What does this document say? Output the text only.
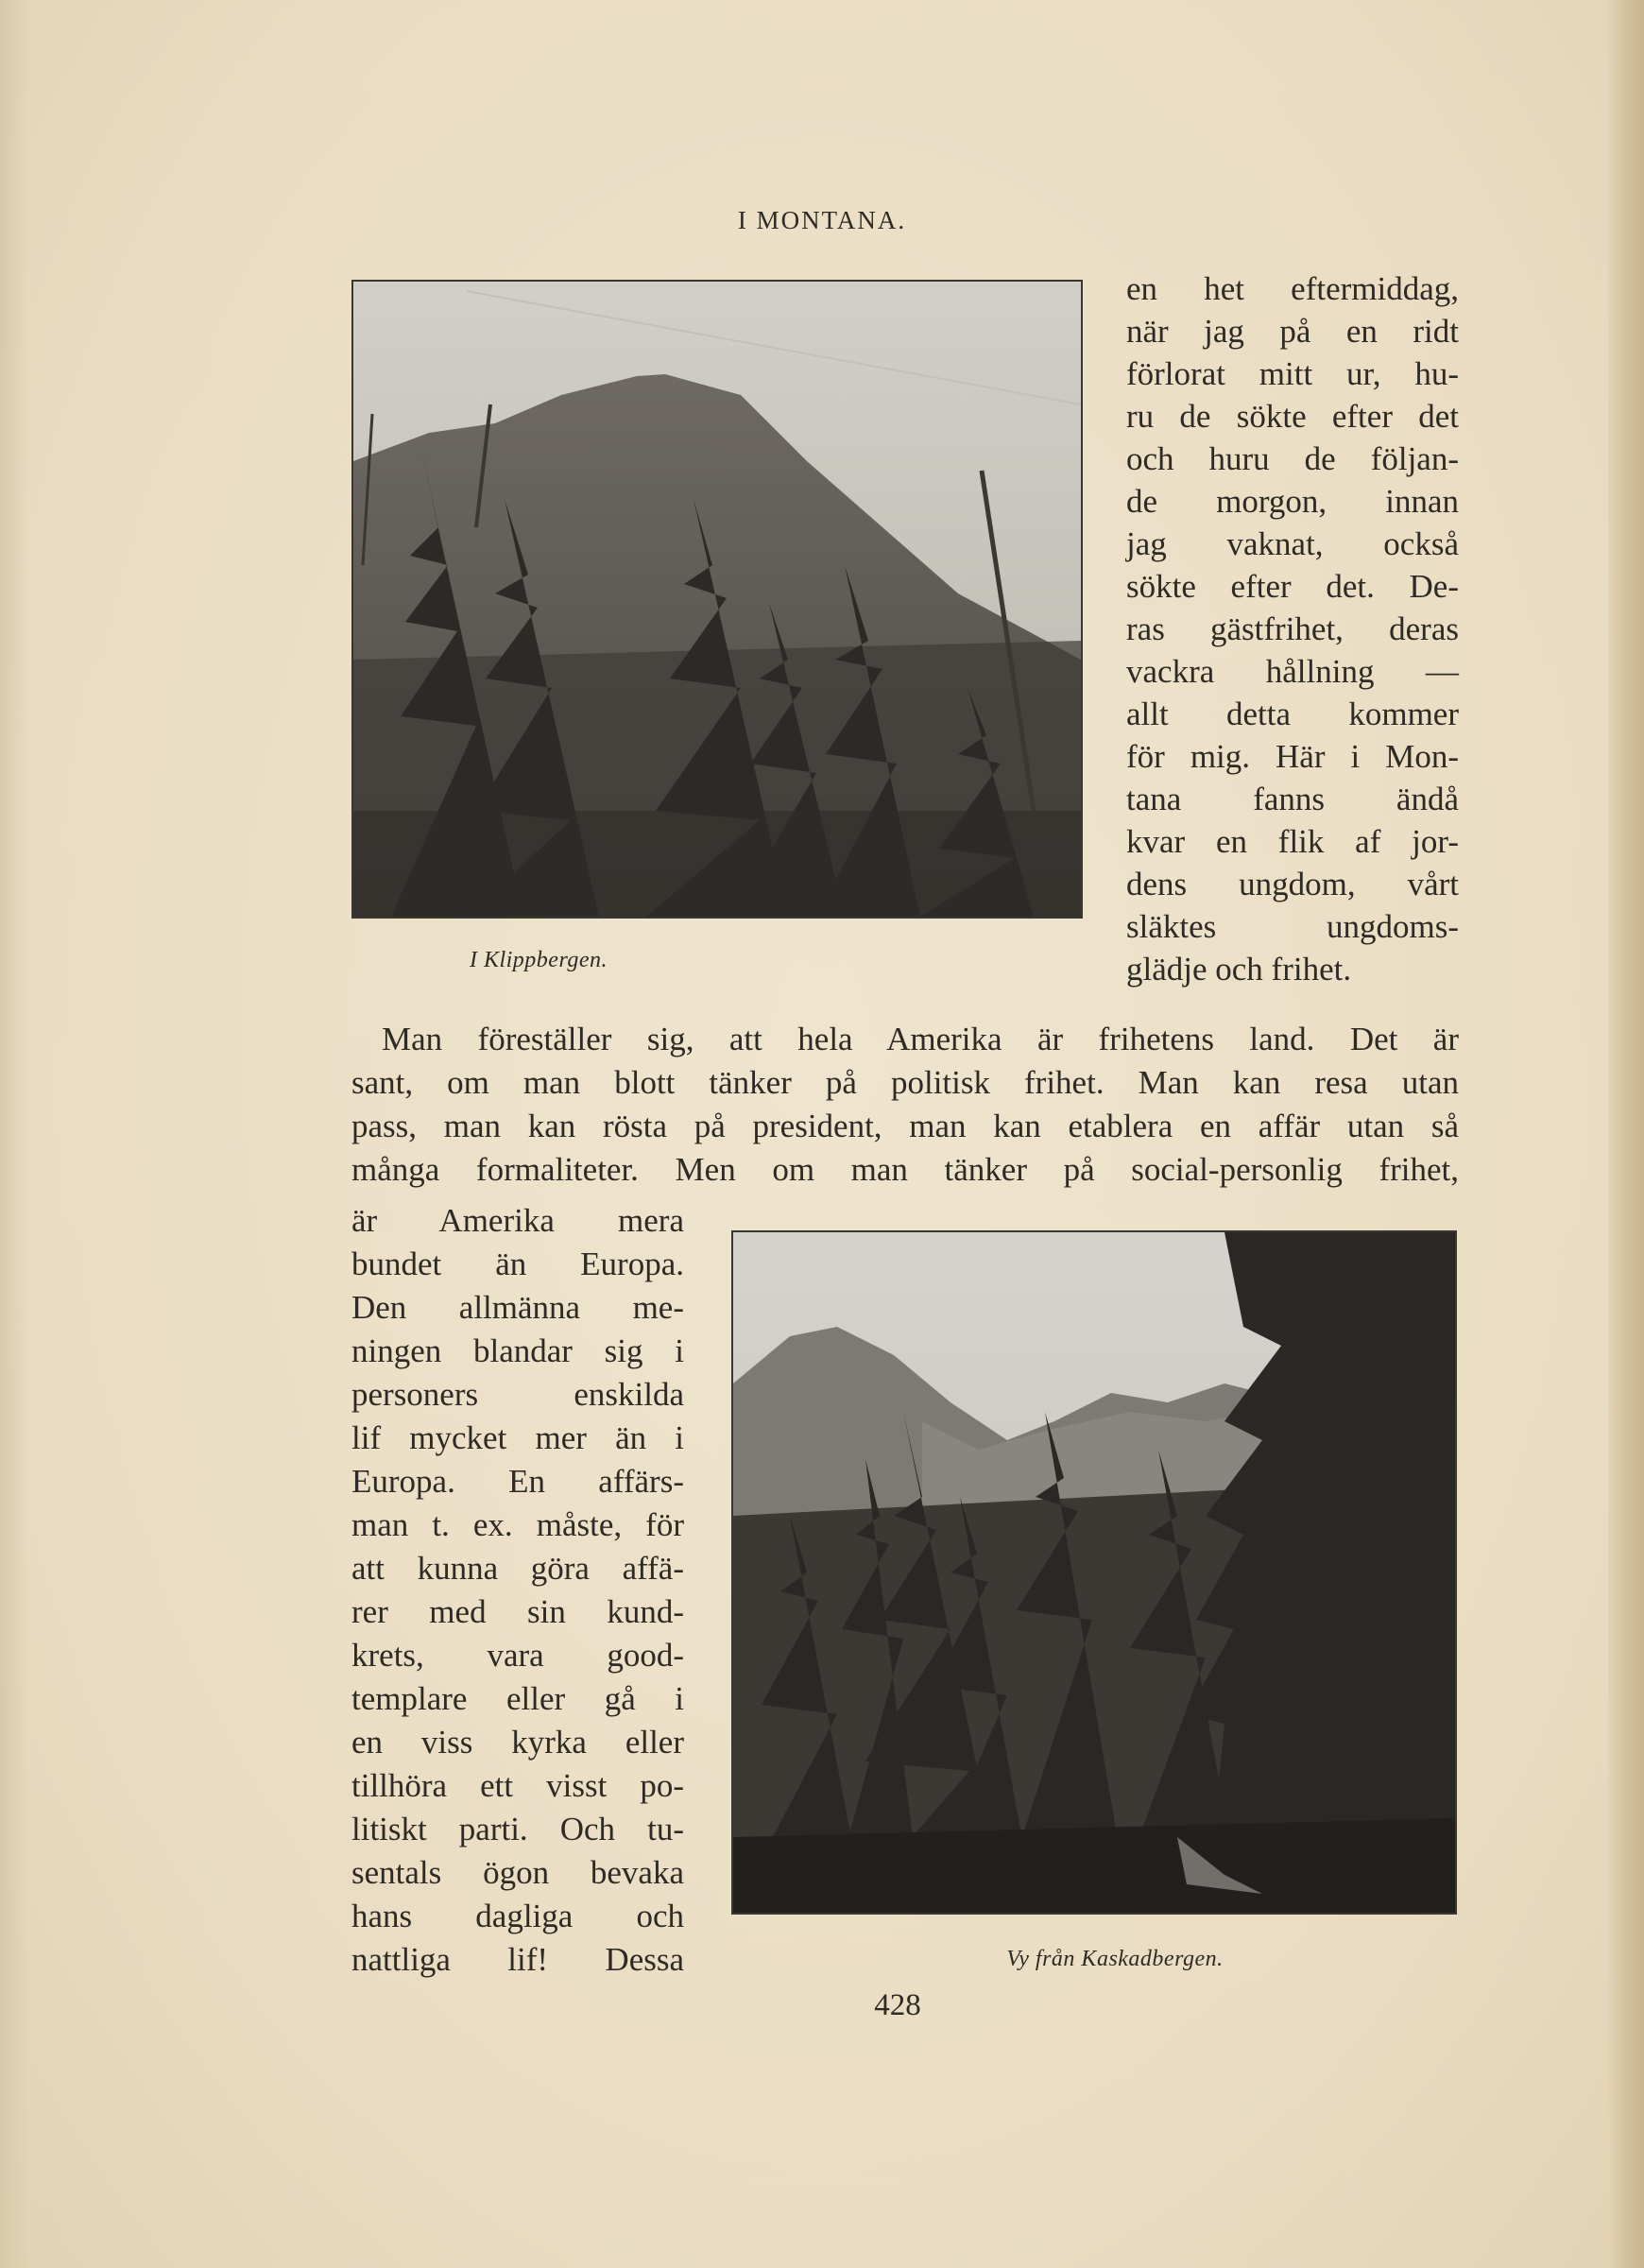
I MONTANA.
I Klippbergen.
Vy från Kaskadbergen.
en het eftermiddag,
när jag på en ridt
förlorat mitt ur, hu-
ru de sökte efter det
och huru de följan-
de morgon, innan
jag vaknat, också
sökte efter det. De-
ras gästfrihet, deras
vackra hållning —
allt detta kommer
för mig. Här i Mon-
tana fanns ändå
kvar en flik af jor-
dens ungdom, vårt
släktes ungdoms-
glädje och frihet.
Man föreställer sig, att hela Amerika är frihetens land. Det är
sant, om man blott tänker på politisk frihet. Man kan resa utan
pass, man kan rösta på president, man kan etablera en affär utan så
många formaliteter. Men om man tänker på social-personlig frihet,
är Amerika mera
bundet än Europa.
Den allmänna me-
ningen blandar sig i
personers enskilda
lif mycket mer än i
Europa. En affärs-
man t. ex. måste, för
att kunna göra affä-
rer med sin kund-
krets, vara good-
templare eller gå i
en viss kyrka eller
tillhöra ett visst po-
litiskt parti. Och tu-
sentals ögon bevaka
hans dagliga och
nattliga lif! Dessa
428
